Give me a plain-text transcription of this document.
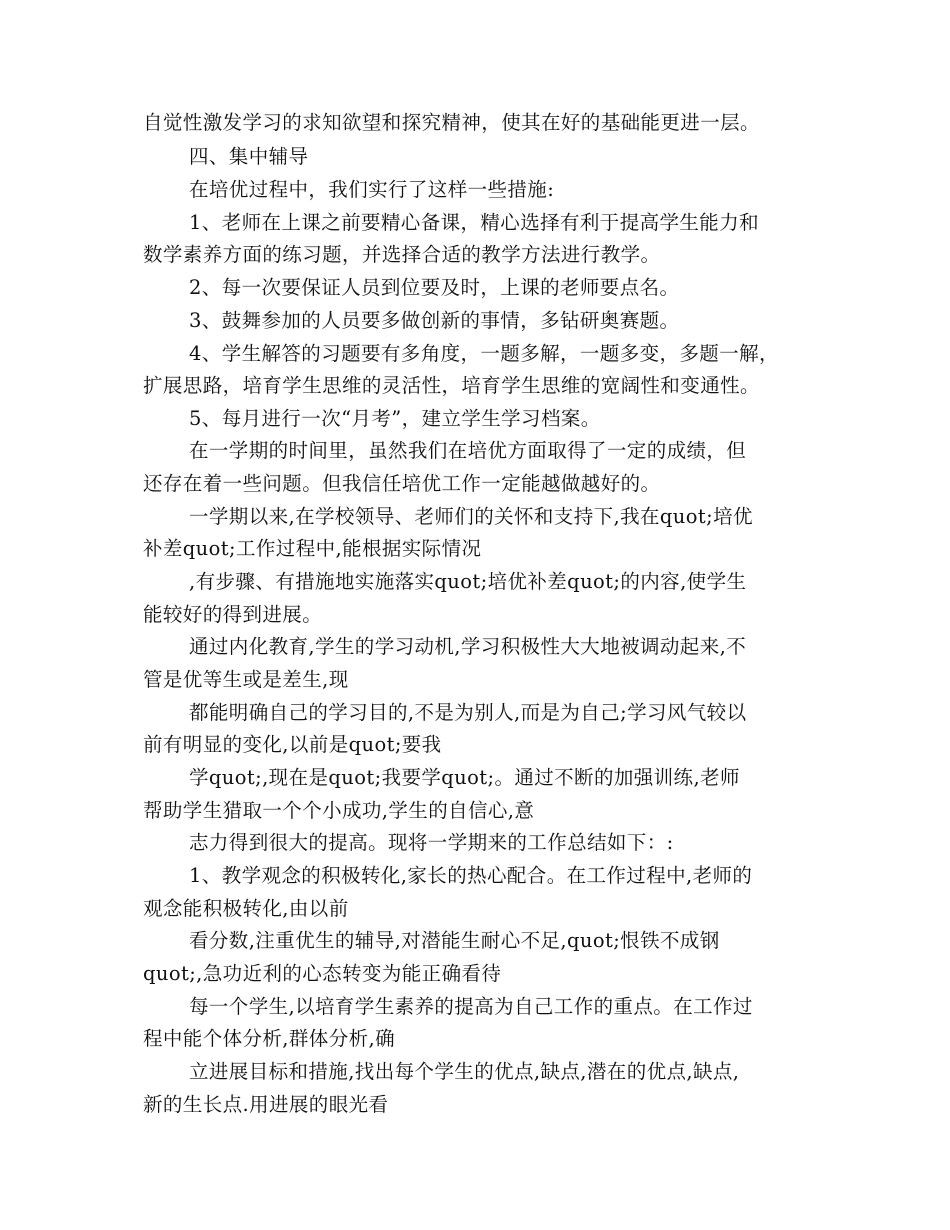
自觉性激发学习的求知欲望和探究精神，使其在好的基础能更进一层。
四、集中辅导
在培优过程中，我们实行了这样一些措施:
1、老师在上课之前要精心备课，精心选择有利于提高学生能力和
数学素养方面的练习题，并选择合适的教学方法进行教学。
2、每一次要保证人员到位要及时，上课的老师要点名。
3、鼓舞参加的人员要多做创新的事情，多钻研奥赛题。
4、学生解答的习题要有多角度，一题多解，一题多变，多题一解，
扩展思路，培育学生思维的灵活性，培育学生思维的宽阔性和变通性。
5、每月进行一次“月考”，建立学生学习档案。
在一学期的时间里，虽然我们在培优方面取得了一定的成绩，但
还存在着一些问题。但我信任培优工作一定能越做越好的。
一学期以来,在学校领导、老师们的关怀和支持下,我在quot;培优
补差quot;工作过程中,能根据实际情况
,有步骤、有措施地实施落实quot;培优补差quot;的内容,使学生
能较好的得到进展。
通过内化教育,学生的学习动机,学习积极性大大地被调动起来,不
管是优等生或是差生,现
都能明确自己的学习目的,不是为别人,而是为自己;学习风气较以
前有明显的变化,以前是quot;要我
学quot;,现在是quot;我要学quot;。通过不断的加强训练,老师
帮助学生猎取一个个小成功,学生的自信心,意
志力得到很大的提高。现将一学期来的工作总结如下：:
1、教学观念的积极转化,家长的热心配合。在工作过程中,老师的
观念能积极转化,由以前
看分数,注重优生的辅导,对潜能生耐心不足,quot;恨铁不成钢
quot;,急功近利的心态转变为能正确看待
每一个学生,以培育学生素养的提高为自己工作的重点。在工作过
程中能个体分析,群体分析,确
立进展目标和措施,找出每个学生的优点,缺点,潜在的优点,缺点,
新的生长点.用进展的眼光看
